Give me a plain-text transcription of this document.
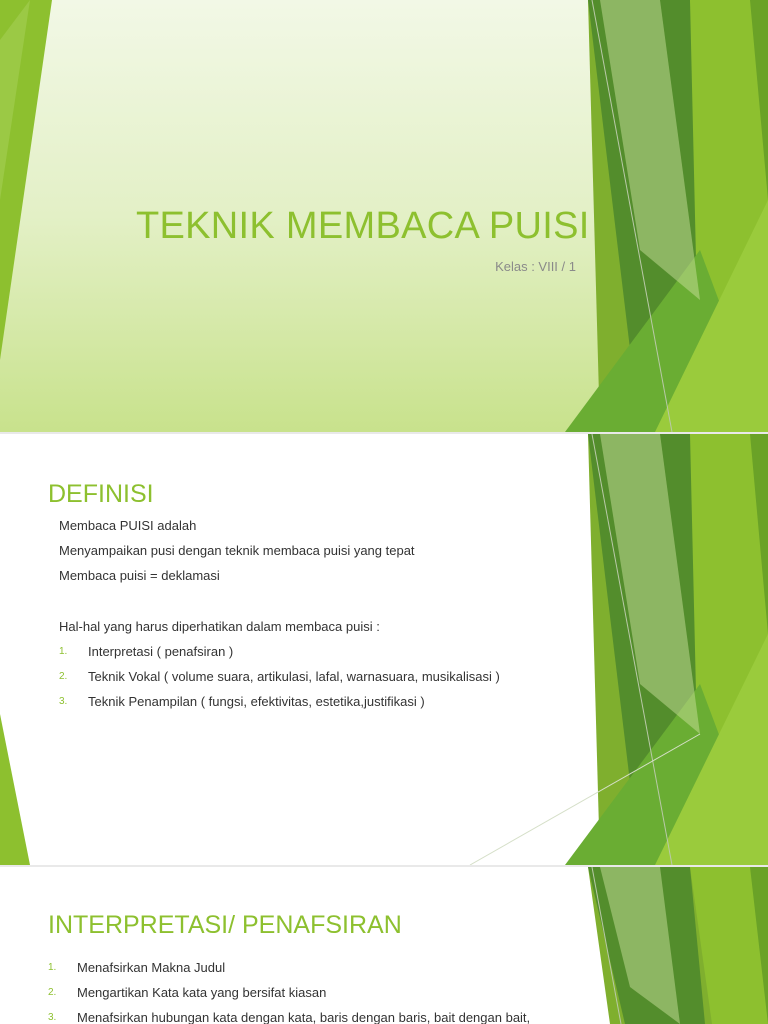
TEKNIK MEMBACA PUISI
Kelas : VIII / 1
DEFINISI
Membaca PUISI adalah
Menyampaikan pusi dengan teknik membaca puisi yang tepat
Membaca puisi = deklamasi
Hal-hal yang harus diperhatikan dalam membaca puisi :
1.	Interpretasi ( penafsiran )
2.	Teknik Vokal ( volume suara, artikulasi, lafal, warnasuara, musikalisasi )
3.	Teknik Penampilan ( fungsi, efektivitas, estetika,justifikasi )
INTERPRETASI/ PENAFSIRAN
1.	Menafsirkan Makna Judul
2.	Mengartikan Kata kata yang bersifat kiasan
3.	Menafsirkan hubungan kata dengan kata, baris dengan baris, bait dengan bait,
